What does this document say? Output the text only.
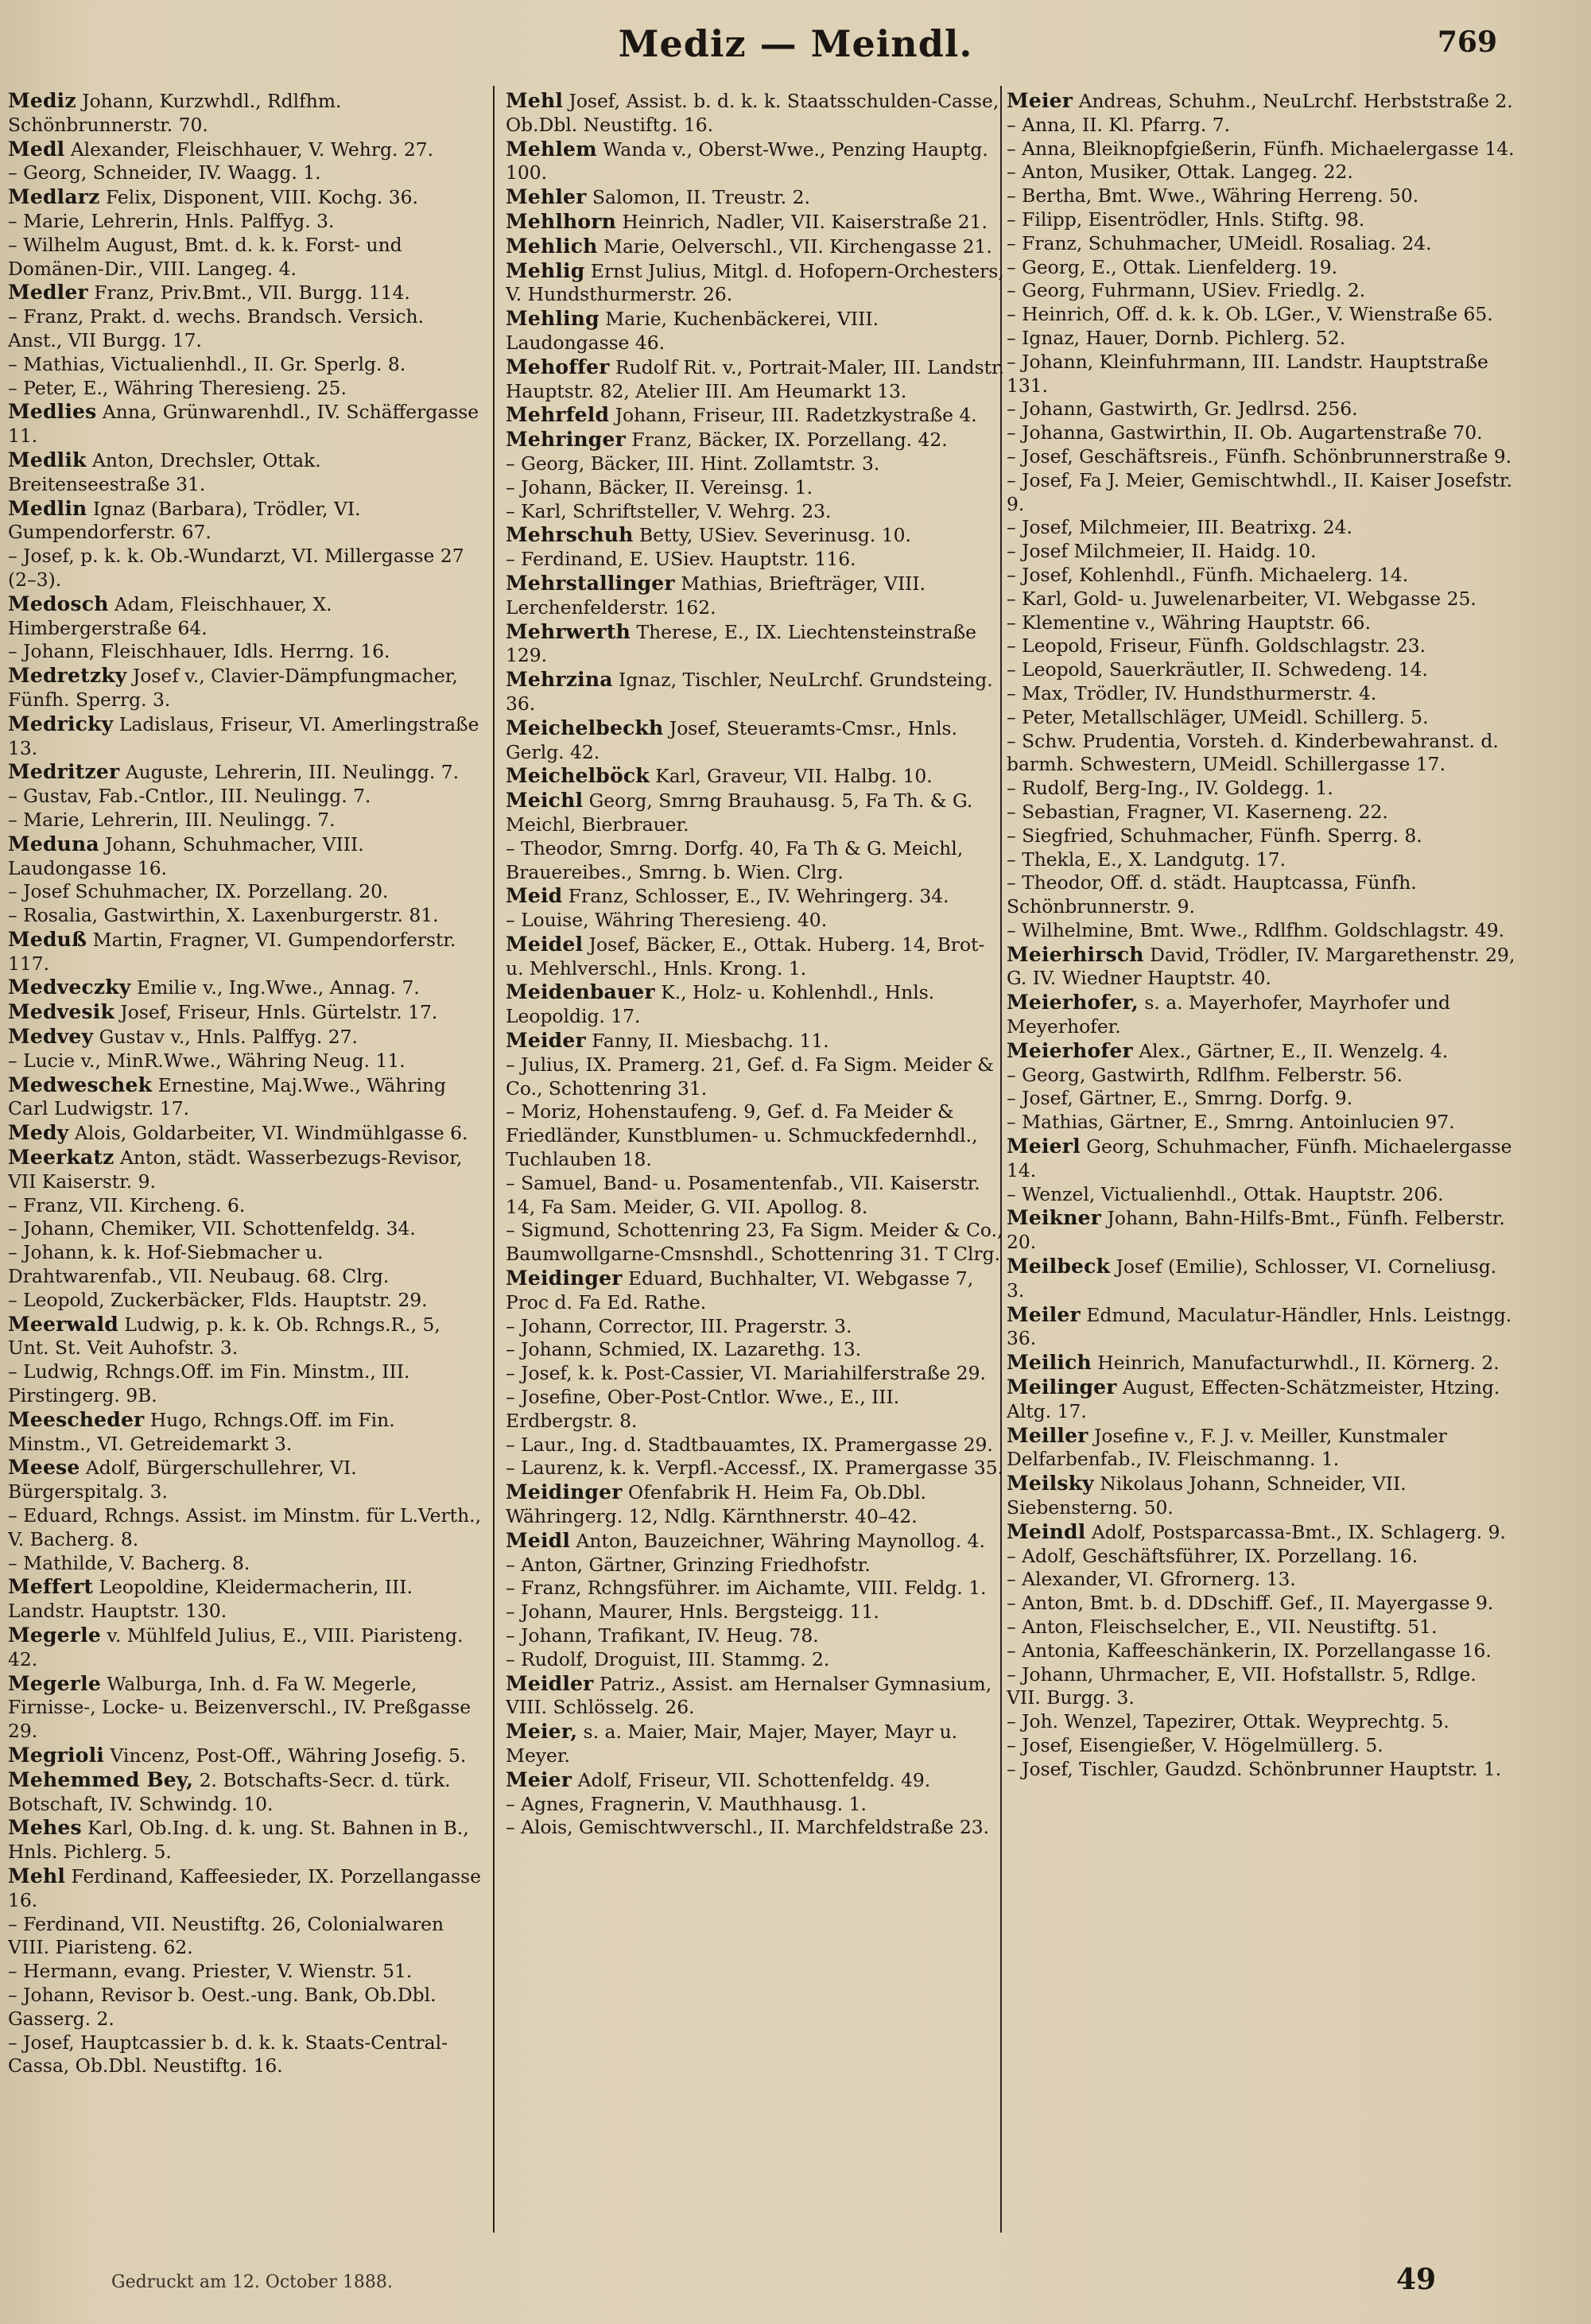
Mediz — Meindl.	769

Mediz Johann, Kurzwhdl., Rdlfhm. Schönbrunnerstr. 70.

Medl Alexander, Fleischhauer, V. Wehrg. 27.

– Georg, Schneider, IV. Waagg. 1.

Medlarz Felix, Disponent, VIII. Kochg. 36.

– Marie, Lehrerin, Hnls. Palffyg. 3.

– Wilhelm August, Bmt. d. k. k. Forst- und Domänen-Dir., VIII. Langeg. 4.

Medler Franz, Priv.Bmt., VII. Burgg. 114.

– Franz, Prakt. d. wechs. Brandsch. Versich. Anst., VII Burgg. 17.

– Mathias, Victualienhdl., II. Gr. Sperlg. 8.

– Peter, E., Währing Theresieng. 25.

Medlies Anna, Grünwarenhdl., IV. Schäffergasse 11.

Medlik Anton, Drechsler, Ottak. Breitenseestraße 31.

Medlin Ignaz (Barbara), Trödler, VI. Gumpendorferstr. 67.

– Josef, p. k. k. Ob.-Wundarzt, VI. Millergasse 27 (2–3).

Medosch Adam, Fleischhauer, X. Himbergerstraße 64.

– Johann, Fleischhauer, Idls. Herrng. 16.

Medretzky Josef v., Clavier-Dämpfungmacher, Fünfh. Sperrg. 3.

Medricky Ladislaus, Friseur, VI. Amerlingstraße 13.

Medritzer Auguste, Lehrerin, III. Neulingg. 7.

– Gustav, Fab.-Cntlor., III. Neulingg. 7.

– Marie, Lehrerin, III. Neulingg. 7.

Meduna Johann, Schuhmacher, VIII. Laudongasse 16.

– Josef Schuhmacher, IX. Porzellang. 20.

– Rosalia, Gastwirthin, X. Laxenburgerstr. 81.

Meduß Martin, Fragner, VI. Gumpendorferstr. 117.

Medveczky Emilie v., Ing.Wwe., Annag. 7.

Medvesik Josef, Friseur, Hnls. Gürtelstr. 17.

Medvey Gustav v., Hnls. Palffyg. 27.

– Lucie v., MinR.Wwe., Währing Neug. 11.

Medweschek Ernestine, Maj.Wwe., Währing Carl Ludwigstr. 17.

Medy Alois, Goldarbeiter, VI. Windmühlgasse 6.

Meerkatz Anton, städt. Wasserbezugs-Revisor, VII Kaiserstr. 9.

– Franz, VII. Kircheng. 6.

– Johann, Chemiker, VII. Schottenfeldg. 34.

– Johann, k. k. Hof-Siebmacher u. Drahtwarenfab., VII. Neubaug. 68. Clrg.

– Leopold, Zuckerbäcker, Flds. Hauptstr. 29.

Meerwald Ludwig, p. k. k. Ob. Rchngs.R., 5, Unt. St. Veit Auhofstr. 3.

– Ludwig, Rchngs.Off. im Fin. Minstm., III. Pirstingerg. 9B.

Meescheder Hugo, Rchngs.Off. im Fin. Minstm., VI. Getreidemarkt 3.

Meese Adolf, Bürgerschullehrer, VI. Bürgerspitalg. 3.

– Eduard, Rchngs. Assist. im Minstm. für L.Verth., V. Bacherg. 8.

– Mathilde, V. Bacherg. 8.

Meffert Leopoldine, Kleidermacherin, III. Landstr. Hauptstr. 130.

Megerle v. Mühlfeld Julius, E., VIII. Piaristeng. 42.

Megerle Walburga, Inh. d. Fa W. Megerle, Firnisse-, Locke- u. Beizenverschl., IV. Preßgasse 29.

Megrioli Vincenz, Post-Off., Währing Josefig. 5.

Mehemmed Bey, 2. Botschafts-Secr. d. türk. Botschaft, IV. Schwindg. 10.

Mehes Karl, Ob.Ing. d. k. ung. St. Bahnen in B., Hnls. Pichlerg. 5.

Mehl Ferdinand, Kaffeesieder, IX. Porzellangasse 16.

– Ferdinand, VII. Neustiftg. 26, Colonialwaren VIII. Piaristeng. 62.

– Hermann, evang. Priester, V. Wienstr. 51.

– Johann, Revisor b. Oest.-ung. Bank, Ob.Dbl. Gasserg. 2.

– Josef, Hauptcassier b. d. k. k. Staats-Central-Cassa, Ob.Dbl. Neustiftg. 16.

Mehl Josef, Assist. b. d. k. k. Staatsschulden-Casse, Ob.Dbl. Neustiftg. 16.

Mehlem Wanda v., Oberst-Wwe., Penzing Hauptg. 100.

Mehler Salomon, II. Treustr. 2.

Mehlhorn Heinrich, Nadler, VII. Kaiserstraße 21.

Mehlich Marie, Oelverschl., VII. Kirchengasse 21.

Mehlig Ernst Julius, Mitgl. d. Hofopern-Orchesters, V. Hundsthurmerstr. 26.

Mehling Marie, Kuchenbäckerei, VIII. Laudongasse 46.

Mehoffer Rudolf Rit. v., Portrait-Maler, III. Landstr. Hauptstr. 82, Atelier III. Am Heumarkt 13.

Mehrfeld Johann, Friseur, III. Radetzkystraße 4.

Mehringer Franz, Bäcker, IX. Porzellang. 42.

– Georg, Bäcker, III. Hint. Zollamtstr. 3.

– Johann, Bäcker, II. Vereinsg. 1.

– Karl, Schriftsteller, V. Wehrg. 23.

Mehrschuh Betty, USiev. Severinusg. 10.

– Ferdinand, E. USiev. Hauptstr. 116.

Mehrstallinger Mathias, Briefträger, VIII. Lerchenfelderstr. 162.

Mehrwerth Therese, E., IX. Liechtensteinstraße 129.

Mehrzina Ignaz, Tischler, NeuLrchf. Grundsteing. 36.

Meichelbeckh Josef, Steueramts-Cmsr., Hnls. Gerlg. 42.

Meichelböck Karl, Graveur, VII. Halbg. 10.

Meichl Georg, Smrng Brauhausg. 5, Fa Th. & G. Meichl, Bierbrauer.

– Theodor, Smrng. Dorfg. 40, Fa Th & G. Meichl, Brauereibes., Smrng. b. Wien. Clrg.

Meid Franz, Schlosser, E., IV. Wehringerg. 34.

– Louise, Währing Theresieng. 40.

Meidel Josef, Bäcker, E., Ottak. Huberg. 14, Brot- u. Mehlverschl., Hnls. Krong. 1.

Meidenbauer K., Holz- u. Kohlenhdl., Hnls. Leopoldig. 17.

Meider Fanny, II. Miesbachg. 11.

– Julius, IX. Pramerg. 21, Gef. d. Fa Sigm. Meider & Co., Schottenring 31.

– Moriz, Hohenstaufeng. 9, Gef. d. Fa Meider & Friedländer, Kunstblumen- u. Schmuckfedernhdl., Tuchlauben 18.

– Samuel, Band- u. Posamentenfab., VII. Kaiserstr. 14, Fa Sam. Meider, G. VII. Apollog. 8.

– Sigmund, Schottenring 23, Fa Sigm. Meider & Co., Baumwollgarne-Cmsnshdl., Schottenring 31. T Clrg.

Meidinger Eduard, Buchhalter, VI. Webgasse 7, Proc d. Fa Ed. Rathe.

– Johann, Corrector, III. Pragerstr. 3.

– Johann, Schmied, IX. Lazarethg. 13.

– Josef, k. k. Post-Cassier, VI. Mariahilferstraße 29.

– Josefine, Ober-Post-Cntlor. Wwe., E., III. Erdbergstr. 8.

– Laur., Ing. d. Stadtbauamtes, IX. Pramergasse 29.

– Laurenz, k. k. Verpfl.-Accessf., IX. Pramergasse 35.

Meidinger Ofenfabrik H. Heim Fa, Ob.Dbl. Währingerg. 12, Ndlg. Kärnthnerstr. 40–42.

Meidl Anton, Bauzeichner, Währing Maynollog. 4.

– Anton, Gärtner, Grinzing Friedhofstr.

– Franz, Rchngsführer. im Aichamte, VIII. Feldg. 1.

– Johann, Maurer, Hnls. Bergsteigg. 11.

– Johann, Trafikant, IV. Heug. 78.

– Rudolf, Droguist, III. Stammg. 2.

Meidler Patriz., Assist. am Hernalser Gymnasium, VIII. Schlösselg. 26.

Meier, s. a. Maier, Mair, Majer, Mayer, Mayr u. Meyer.

Meier Adolf, Friseur, VII. Schottenfeldg. 49.

– Agnes, Fragnerin, V. Mauthhausg. 1.

– Alois, Gemischtwverschl., II. Marchfeldstraße 23.

Meier Andreas, Schuhm., NeuLrchf. Herbststraße 2.

– Anna, II. Kl. Pfarrg. 7.

– Anna, Bleiknopfgießerin, Fünfh. Michaelergasse 14.

– Anton, Musiker, Ottak. Langeg. 22.

– Bertha, Bmt. Wwe., Währing Herreng. 50.

– Filipp, Eisentrödler, Hnls. Stiftg. 98.

– Franz, Schuhmacher, UMeidl. Rosaliag. 24.

– Georg, E., Ottak. Lienfelderg. 19.

– Georg, Fuhrmann, USiev. Friedlg. 2.

– Heinrich, Off. d. k. k. Ob. LGer., V. Wienstraße 65.

– Ignaz, Hauer, Dornb. Pichlerg. 52.

– Johann, Kleinfuhrmann, III. Landstr. Hauptstraße 131.

– Johann, Gastwirth, Gr. Jedlrsd. 256.

– Johanna, Gastwirthin, II. Ob. Augartenstraße 70.

– Josef, Geschäftsreis., Fünfh. Schönbrunnerstraße 9.

– Josef, Fa J. Meier, Gemischtwhdl., II. Kaiser Josefstr. 9.

– Josef, Milchmeier, III. Beatrixg. 24.

– Josef Milchmeier, II. Haidg. 10.

– Josef, Kohlenhdl., Fünfh. Michaelerg. 14.

– Karl, Gold- u. Juwelenarbeiter, VI. Webgasse 25.

– Klementine v., Währing Hauptstr. 66.

– Leopold, Friseur, Fünfh. Goldschlagstr. 23.

– Leopold, Sauerkräutler, II. Schwedeng. 14.

– Max, Trödler, IV. Hundsthurmerstr. 4.

– Peter, Metallschläger, UMeidl. Schillerg. 5.

– Schw. Prudentia, Vorsteh. d. Kinderbewahranst. d. barmh. Schwestern, UMeidl. Schillergasse 17.

– Rudolf, Berg-Ing., IV. Goldegg. 1.

– Sebastian, Fragner, VI. Kaserneng. 22.

– Siegfried, Schuhmacher, Fünfh. Sperrg. 8.

– Thekla, E., X. Landgutg. 17.

– Theodor, Off. d. städt. Hauptcassa, Fünfh. Schönbrunnerstr. 9.

– Wilhelmine, Bmt. Wwe., Rdlfhm. Goldschlagstr. 49.

Meierhirsch David, Trödler, IV. Margarethenstr. 29, G. IV. Wiedner Hauptstr. 40.

Meierhofer, s. a. Mayerhofer, Mayrhofer und Meyerhofer.

Meierhofer Alex., Gärtner, E., II. Wenzelg. 4.

– Georg, Gastwirth, Rdlfhm. Felberstr. 56.

– Josef, Gärtner, E., Smrng. Dorfg. 9.

– Mathias, Gärtner, E., Smrng. Antoinlucien 97.

Meierl Georg, Schuhmacher, Fünfh. Michaelergasse 14.

– Wenzel, Victualienhdl., Ottak. Hauptstr. 206.

Meikner Johann, Bahn-Hilfs-Bmt., Fünfh. Felberstr. 20.

Meilbeck Josef (Emilie), Schlosser, VI. Corneliusg. 3.

Meiler Edmund, Maculatur-Händler, Hnls. Leistngg. 36.

Meilich Heinrich, Manufacturwhdl., II. Körnerg. 2.

Meilinger August, Effecten-Schätzmeister, Htzing. Altg. 17.

Meiller Josefine v., F. J. v. Meiller, Kunstmaler Delfarbenfab., IV. Fleischmanng. 1.

Meilsky Nikolaus Johann, Schneider, VII. Siebensterng. 50.

Meindl Adolf, Postsparcassa-Bmt., IX. Schlagerg. 9.

– Adolf, Geschäftsführer, IX. Porzellang. 16.

– Alexander, VI. Gfrornerg. 13.

– Anton, Bmt. b. d. DDschiff. Gef., II. Mayergasse 9.

– Anton, Fleischselcher, E., VII. Neustiftg. 51.

– Antonia, Kaffeeschänkerin, IX. Porzellangasse 16.

– Johann, Uhrmacher, E, VII. Hofstallstr. 5, Rdlge. VII. Burgg. 3.

– Joh. Wenzel, Tapezirer, Ottak. Weyprechtg. 5.

– Josef, Eisengießer, V. Högelmüllerg. 5.

– Josef, Tischler, Gaudzd. Schönbrunner Hauptstr. 1.

Gedruckt am 12. October 1888.	49
